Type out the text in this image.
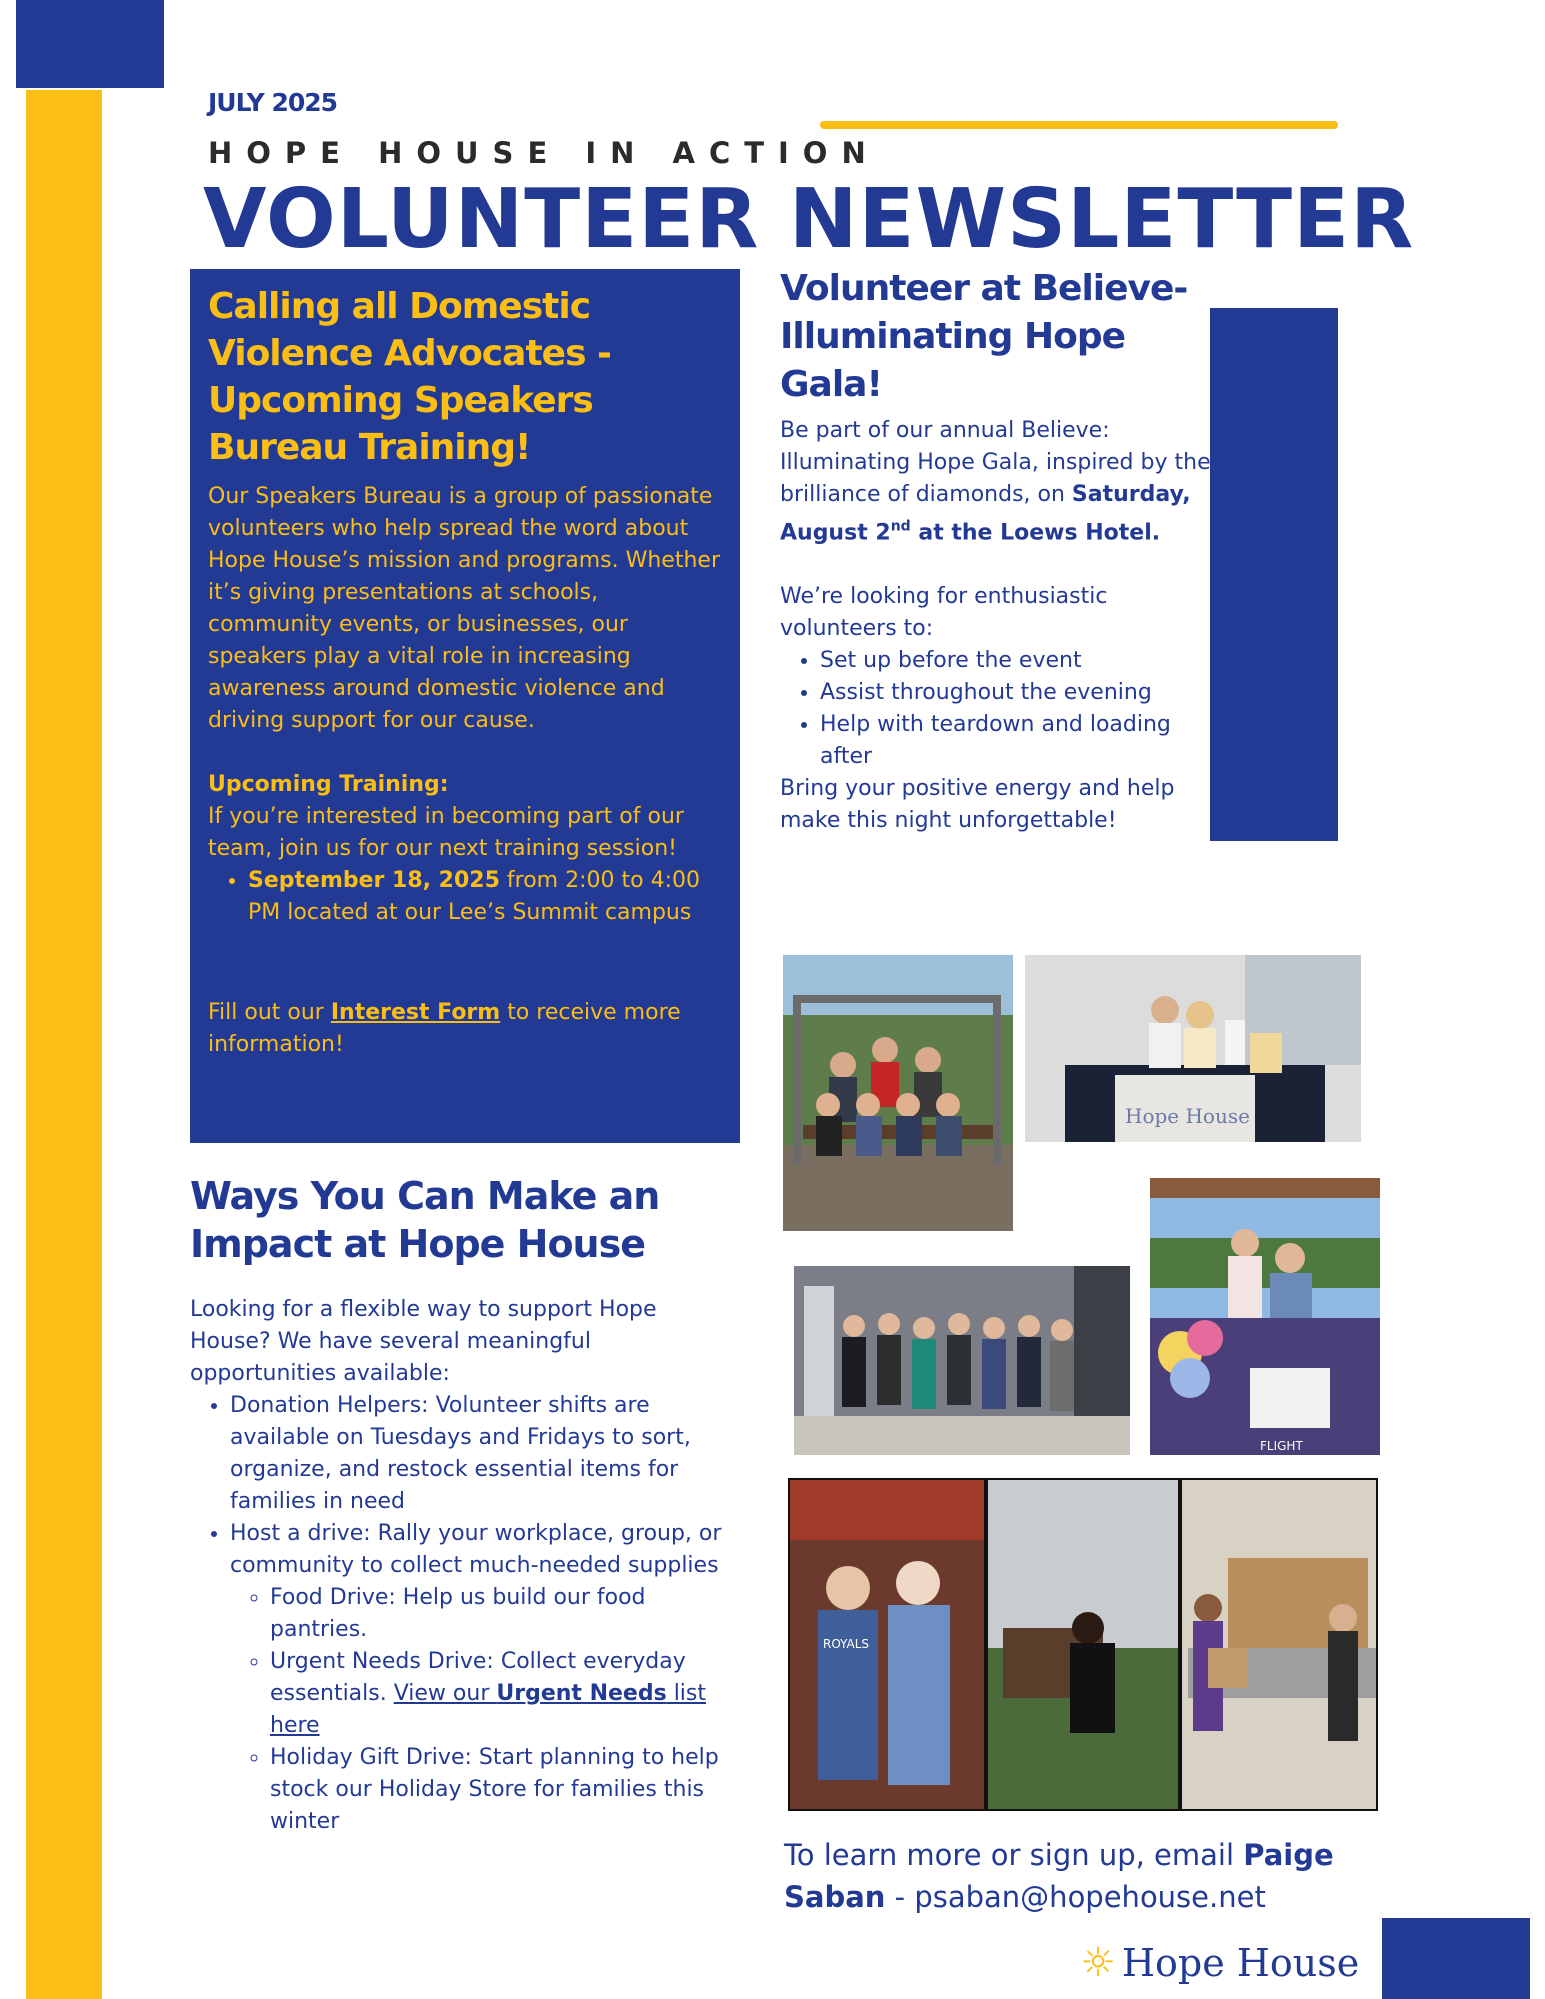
JULY 2025

HOPE HOUSE IN ACTION

VOLUNTEER NEWSLETTER
Calling all Domestic Violence Advocates - Upcoming Speakers Bureau Training!

Our Speakers Bureau is a group of passionate volunteers who help spread the word about Hope House’s mission and programs. Whether it’s giving presentations at schools, community events, or businesses, our speakers play a vital role in increasing awareness around domestic violence and driving support for our cause.

Upcoming Training:

If you’re interested in becoming part of our team, join us for our next training session!

• September 18, 2025 from 2:00 to 4:00 PM located at our Lee’s Summit campus

Fill out our Interest Form to receive more information!

Volunteer at Believe- Illuminating Hope Gala!

Be part of our annual Believe: Illuminating Hope Gala, inspired by the brilliance of diamonds, on Saturday, August 2nd at the Loews Hotel.

We’re looking for enthusiastic volunteers to:

• Set up before the event
• Assist throughout the evening
• Help with teardown and loading after

Bring your positive energy and help make this night unforgettable!

Ways You Can Make an Impact at Hope House

Looking for a flexible way to support Hope House? We have several meaningful opportunities available:

• Donation Helpers: Volunteer shifts are available on Tuesdays and Fridays to sort, organize, and restock essential items for families in need
• Host a drive: Rally your workplace, group, or community to collect much-needed supplies
◦ Food Drive: Help us build our food pantries.
◦ Urgent Needs Drive: Collect everyday essentials. View our Urgent Needs list here
◦ Holiday Gift Drive: Start planning to help stock our Holiday Store for families this winter
Hope House
FLIGHT
ROYALS

To learn more or sign up, email Paige Saban - psaban@hopehouse.net

☼ Hope House
